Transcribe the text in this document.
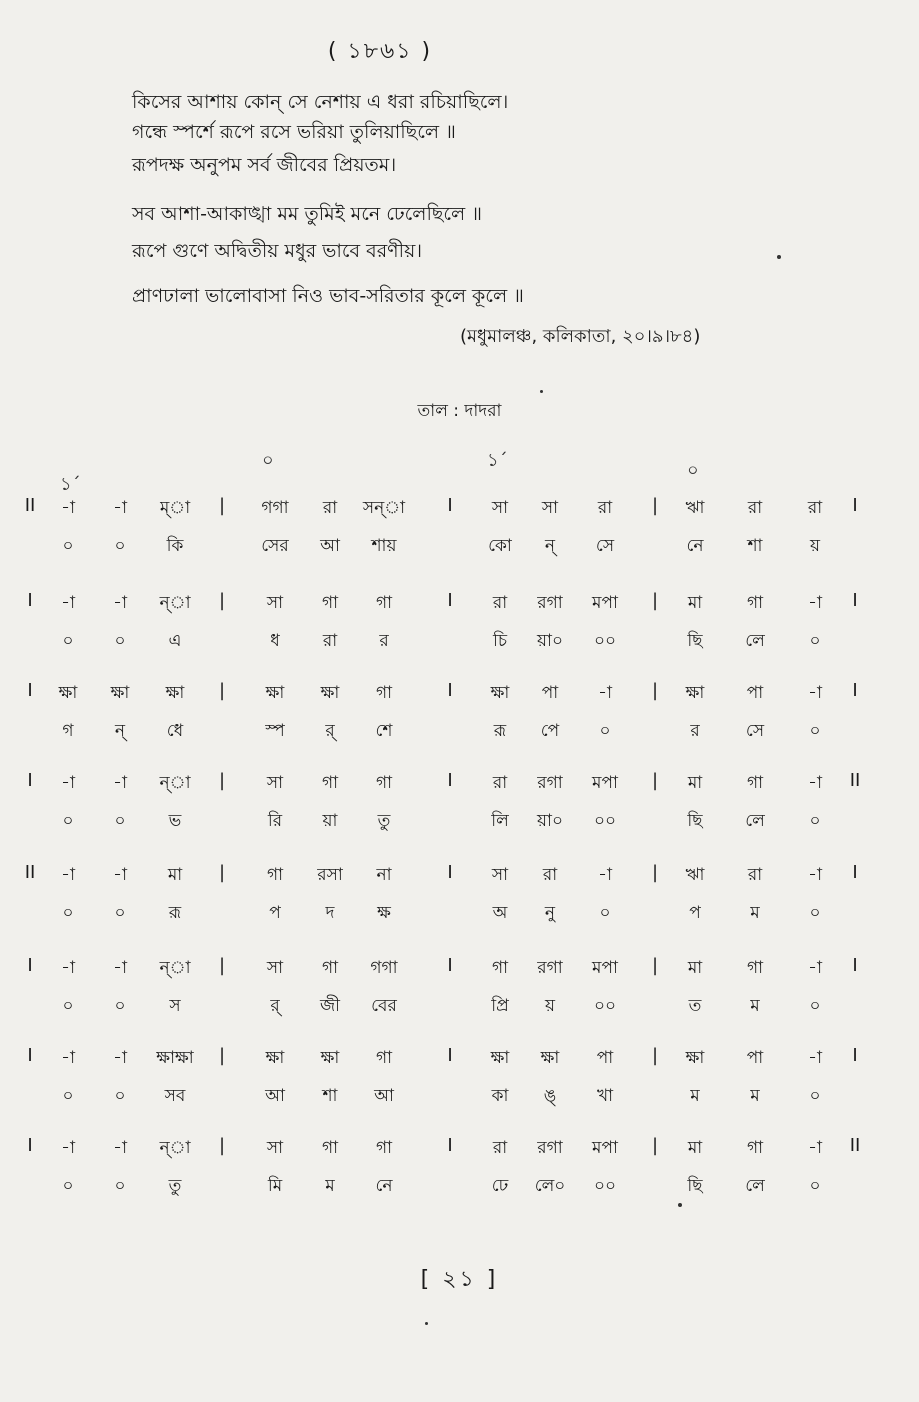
( ১৮৬১ )
কিসের আশায় কোন্ সে নেশায় এ ধরা রচিয়াছিলে।
গন্ধে স্পর্শে রূপে রসে ভরিয়া তুলিয়াছিলে ॥
রূপদক্ষ অনুপম সর্ব জীবের প্রিয়তম।
সব আশা-আকাঙ্খা মম তুমিই মনে ঢেলেছিলে ॥
রূপে গুণে অদ্বিতীয় মধুর ভাবে বরণীয়।
প্রাণঢালা ভালোবাসা নিও ভাব-সরিতার কূলে কূলে ॥
(মধুমালঞ্চ, কলিকাতা, ২০।৯।৮৪)
তাল : দাদরা
১´
০	১´	০
II -া -া ম্া | গগা রা সন্া I সা সা রা | ঋা	রা	রা I
০ ০ কি	সের আ শায়	কো ন্ সে	নে	শা	য়
I -া -া ন্া | সা গা গা	I রা রগা মপা | মা	গা	-া I
০ ০	এ	ধ	রা র	চি য়া০ ০০	ছি	লে	০
I ক্ষা ক্ষা ক্ষা | ক্ষা ক্ষা গা	I ক্ষা পা -া | ক্ষা পা	-া I
গ ন্ ধে	স্প র্ শে	রূ পে ০	র	সে	০
I -া -া ন্া | সা গা গা	I রা রগা মপা | মা	গা	-া II
০ ০	ভ	রি য়া তু	লি য়া০ ০০	ছি	লে	০
II -া -া মা | গা রসা না	I সা রা -া | ঋা	রা	-া I
০ ০	রূ	প	দ	ক্ষ	অ নু	০	প	ম	০
I -া -া ন্া | সা গা গগা	I গা রগা মপা | মা	গা	-া I
০ ০	স	র্ জী বের	প্রি য় ০০	ত	ম	০
I -া -া ক্ষাক্ষা | ক্ষা ক্ষা গা	I ক্ষা ক্ষা পা | ক্ষা পা	-া I
০ ০ সব	আ শা আ	কা ঙ্ খা	ম	ম	০
I -া -া ন্া | সা গা গা	I রা রগা মপা | মা	গা	-া II
০ ০	তু	মি	ম নে	ঢে লে০ ০০	ছি	লে	০
[ ২১ ]
